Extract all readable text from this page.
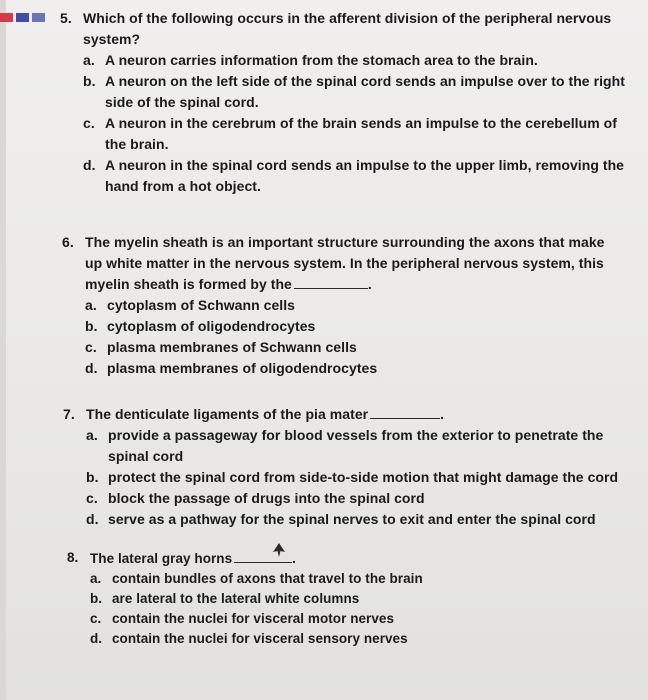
5. Which of the following occurs in the afferent division of the peripheral nervous system?
a. A neuron carries information from the stomach area to the brain.
b. A neuron on the left side of the spinal cord sends an impulse over to the right side of the spinal cord.
c. A neuron in the cerebrum of the brain sends an impulse to the cerebellum of the brain.
d. A neuron in the spinal cord sends an impulse to the upper limb, removing the hand from a hot object.
6. The myelin sheath is an important structure surrounding the axons that make up white matter in the nervous system. In the peripheral nervous system, this myelin sheath is formed by the	.
a. cytoplasm of Schwann cells
b. cytoplasm of oligodendrocytes
c. plasma membranes of Schwann cells
d. plasma membranes of oligodendrocytes
7. The denticulate ligaments of the pia mater	.
a. provide a passageway for blood vessels from the exterior to penetrate the spinal cord
b. protect the spinal cord from side-to-side motion that might damage the cord
c. block the passage of drugs into the spinal cord
d. serve as a pathway for the spinal nerves to exit and enter the spinal cord
8. The lateral gray horns	.
a. contain bundles of axons that travel to the brain
b. are lateral to the lateral white columns
c. contain the nuclei for visceral motor nerves
d. contain the nuclei for visceral sensory nerves
